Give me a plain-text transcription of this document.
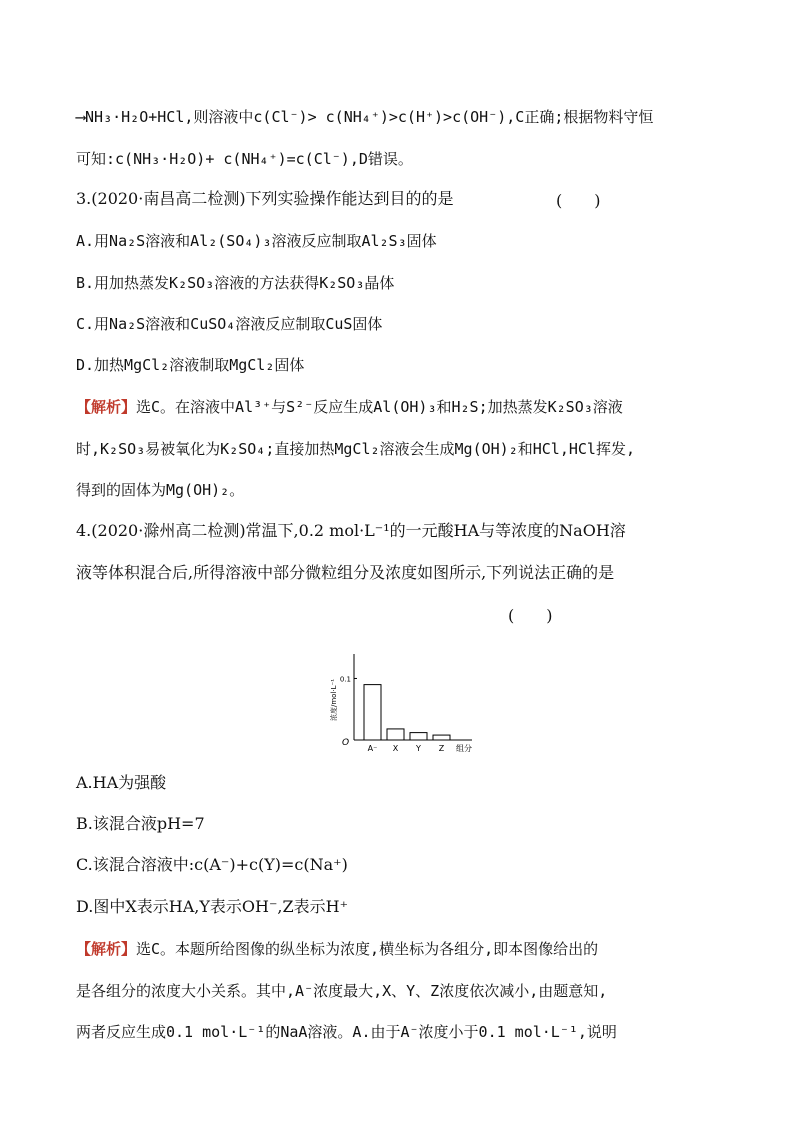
⟶NH₃·H₂O+HCl,则溶液中c(Cl⁻)> c(NH₄⁺)>c(H⁺)>c(OH⁻),C正确;根据物料守恒
可知:c(NH₃·H₂O)+ c(NH₄⁺)=c(Cl⁻),D错误。
3.(2020·南昌高二检测)下列实验操作能达到目的的是	(　　)
A.用Na₂S溶液和Al₂(SO₄)₃溶液反应制取Al₂S₃固体
B.用加热蒸发K₂SO₃溶液的方法获得K₂SO₃晶体
C.用Na₂S溶液和CuSO₄溶液反应制取CuS固体
D.加热MgCl₂溶液制取MgCl₂固体
【解析】选C。在溶液中Al³⁺与S²⁻反应生成Al(OH)₃和H₂S;加热蒸发K₂SO₃溶液
时,K₂SO₃易被氧化为K₂SO₄;直接加热MgCl₂溶液会生成Mg(OH)₂和HCl,HCl挥发,
得到的固体为Mg(OH)₂。
4.(2020·滁州高二检测)常温下,0.2 mol·L⁻¹的一元酸HA与等浓度的NaOH溶
液等体积混合后,所得溶液中部分微粒组分及浓度如图所示,下列说法正确的是
(　　)
O
0.1
浓度/mol·L⁻¹
A⁻ X Y Z 组分
A.HA为强酸
B.该混合液pH=7
C.该混合溶液中:c(A⁻)+c(Y)=c(Na⁺)
D.图中X表示HA,Y表示OH⁻,Z表示H⁺
【解析】选C。本题所给图像的纵坐标为浓度,横坐标为各组分,即本图像给出的
是各组分的浓度大小关系。其中,A⁻浓度最大,X、Y、Z浓度依次减小,由题意知,
两者反应生成0.1 mol·L⁻¹的NaA溶液。A.由于A⁻浓度小于0.1 mol·L⁻¹,说明
